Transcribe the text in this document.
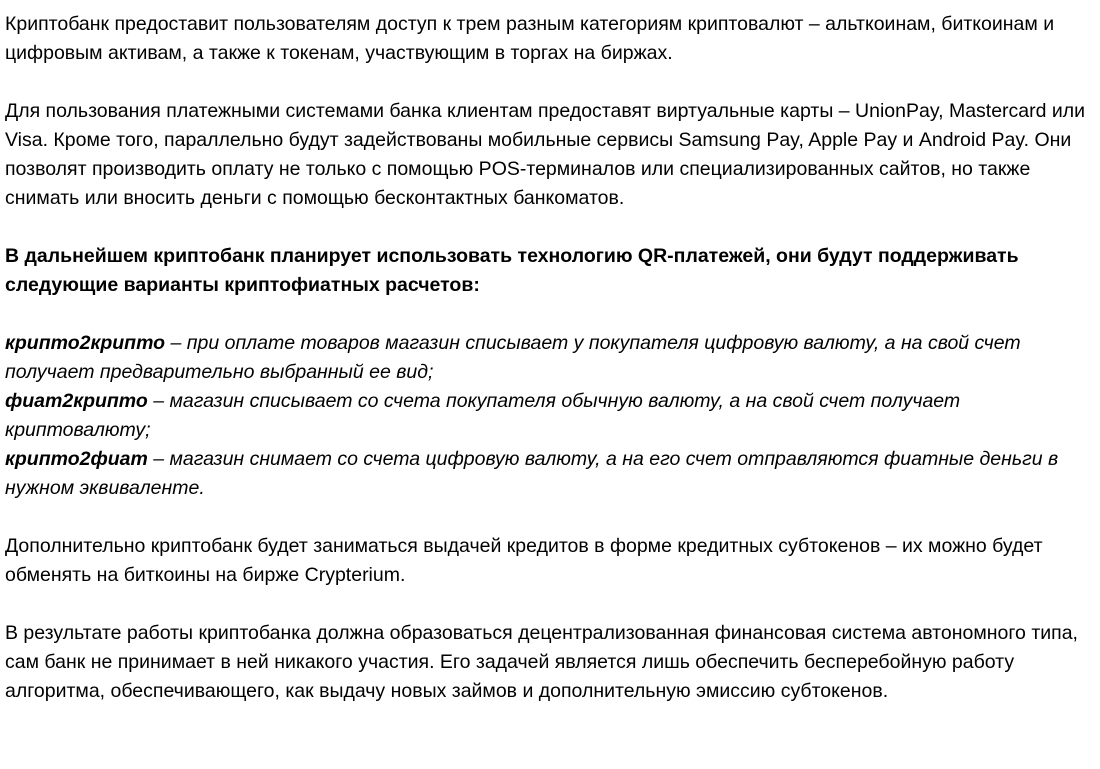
Криптобанк предоставит пользователям доступ к трем разным категориям криптовалют – альткоинам, биткоинам и цифровым активам, а также к токенам, участвующим в торгах на биржах.

Для пользования платежными системами банка клиентам предоставят виртуальные карты – UnionPay, Mastercard или Visa. Кроме того, параллельно будут задействованы мобильные сервисы Samsung Pay, Apple Pay и Android Pay. Они позволят производить оплату не только с помощью POS-терминалов или специализированных сайтов, но также снимать или вносить деньги с помощью бесконтактных банкоматов.

В дальнейшем криптобанк планирует использовать технологию QR-платежей, они будут поддерживать следующие варианты криптофиатных расчетов:

крипто2крипто – при оплате товаров магазин списывает у покупателя цифровую валюту, а на свой счет получает предварительно выбранный ее вид;

фиат2крипто – магазин списывает со счета покупателя обычную валюту, а на свой счет получает криптовалюту;

крипто2фиат – магазин снимает со счета цифровую валюту, а на его счет отправляются фиатные деньги в нужном эквиваленте.

Дополнительно криптобанк будет заниматься выдачей кредитов в форме кредитных субтокенов – их можно будет обменять на биткоины на бирже Crypterium.

В результате работы криптобанка должна образоваться децентрализованная финансовая система автономного типа, сам банк не принимает в ней никакого участия. Его задачей является лишь обеспечить бесперебойную работу алгоритма, обеспечивающего, как выдачу новых займов и дополнительную эмиссию субтокенов.
